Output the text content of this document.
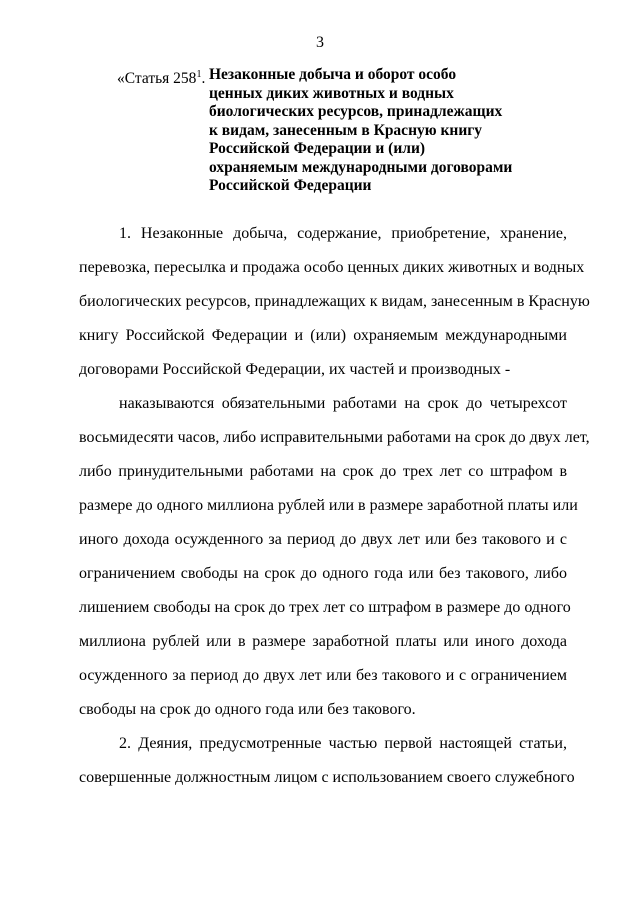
3
«Статья $258^1$. Незаконные добыча и оборот особо
ценных диких животных и водных
биологических ресурсов, принадлежащих
к видам, занесенным в Красную книгу
Российской Федерации и (или)
охраняемым международными договорами
Российской Федерации
1. Незаконные добыча, содержание, приобретение, хранение,
перевозка, пересылка и продажа особо ценных диких животных и водных
биологических ресурсов, принадлежащих к видам, занесенным в Красную
книгу Российской Федерации и (или) охраняемым международными
договорами Российской Федерации, их частей и производных -
наказываются обязательными работами на срок до четырехсот
восьмидесяти часов, либо исправительными работами на срок до двух лет,
либо принудительными работами на срок до трех лет со штрафом в
размере до одного миллиона рублей или в размере заработной платы или
иного дохода осужденного за период до двух лет или без такового и с
ограничением свободы на срок до одного года или без такового, либо
лишением свободы на срок до трех лет со штрафом в размере до одного
миллиона рублей или в размере заработной платы или иного дохода
осужденного за период до двух лет или без такового и с ограничением
свободы на срок до одного года или без такового.
2. Деяния, предусмотренные частью первой настоящей статьи,
совершенные должностным лицом с использованием своего служебного
